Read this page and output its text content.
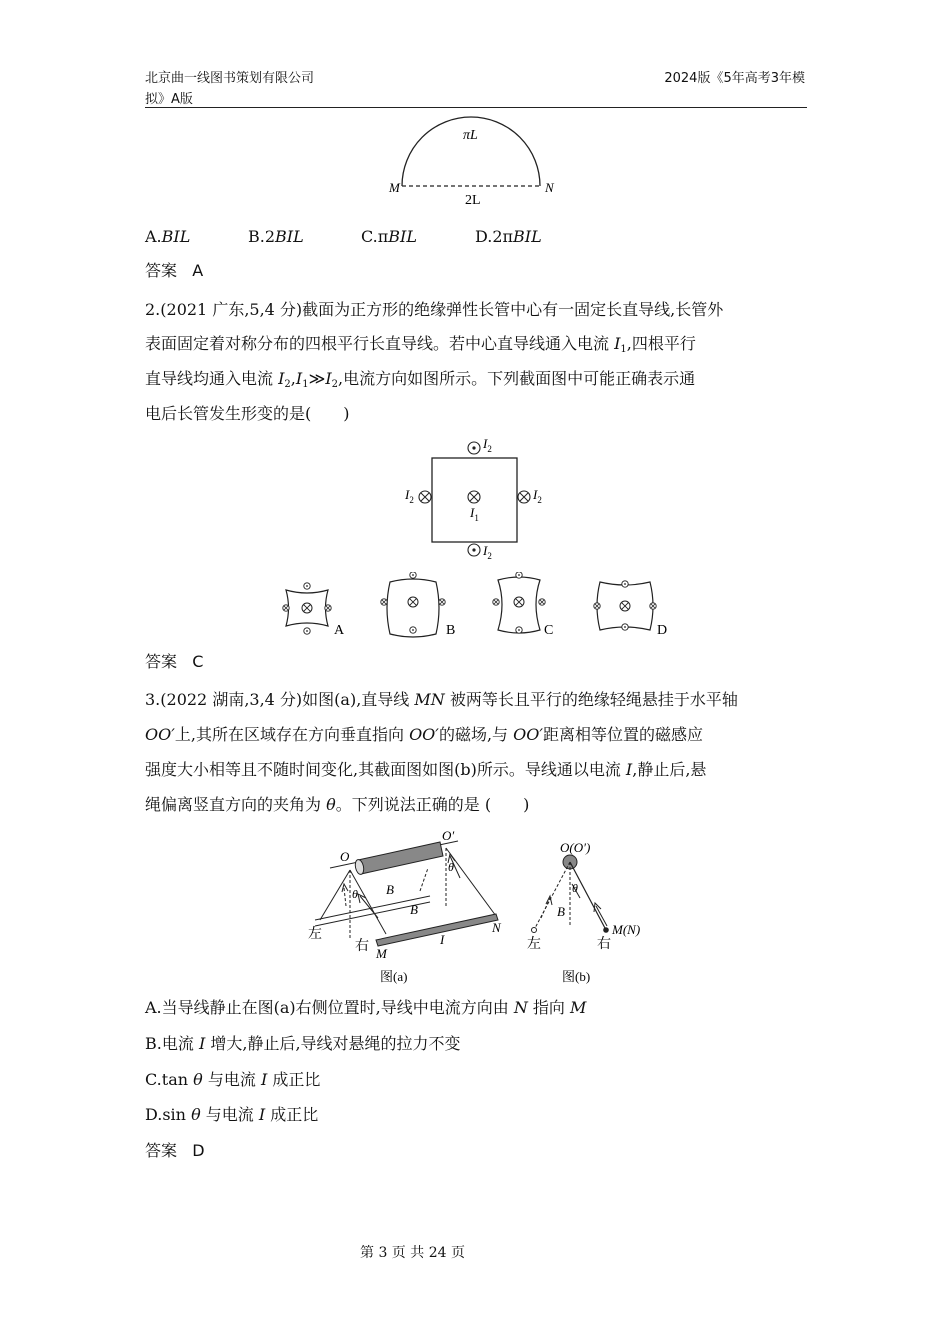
北京曲一线图书策划有限公司
拟》A版
2024版《5年高考3年模
πL
2L
M	N
A.BIL	B.2BIL	C.πBIL	D.2πBIL
答案 A
2.(2021 广东,5,4 分)截面为正方形的绝缘弹性长管中心有一固定长直导线,长管外
表面固定着对称分布的四根平行长直导线。若中心直导线通入电流 $I_1$,四根平行
直导线均通入电流 $I_2,I_1≫I_2$,电流方向如图所示。下列截面图中可能正确表示通
电后长管发生形变的是(　　)
$I_2$
$I_2$
$I_2$	$I_2$
$I_1$
A	B	C	D
答案 C
3.(2022 湖南,3,4 分)如图(a),直导线 MN 被两等长且平行的绝缘轻绳悬挂于水平轴
OO′上,其所在区域存在方向垂直指向 OO′的磁场,与 OO′距离相等位置的磁感应
强度大小相等且不随时间变化,其截面图如图(b)所示。导线通以电流 I,静止后,悬
绳偏离竖直方向的夹角为 θ。下列说法正确的是 (　　)
O
O′
θ
θ
B
B
左
右 M
I
N
图(a)
O(O′)
θ
B
左	右
M(N)
图(b)
A.当导线静止在图(a)右侧位置时,导线中电流方向由 N 指向 M
B.电流 I 增大,静止后,导线对悬绳的拉力不变
C.tan θ 与电流 I 成正比
D.sin θ 与电流 I 成正比
答案 D
第 3 页 共 24 页
